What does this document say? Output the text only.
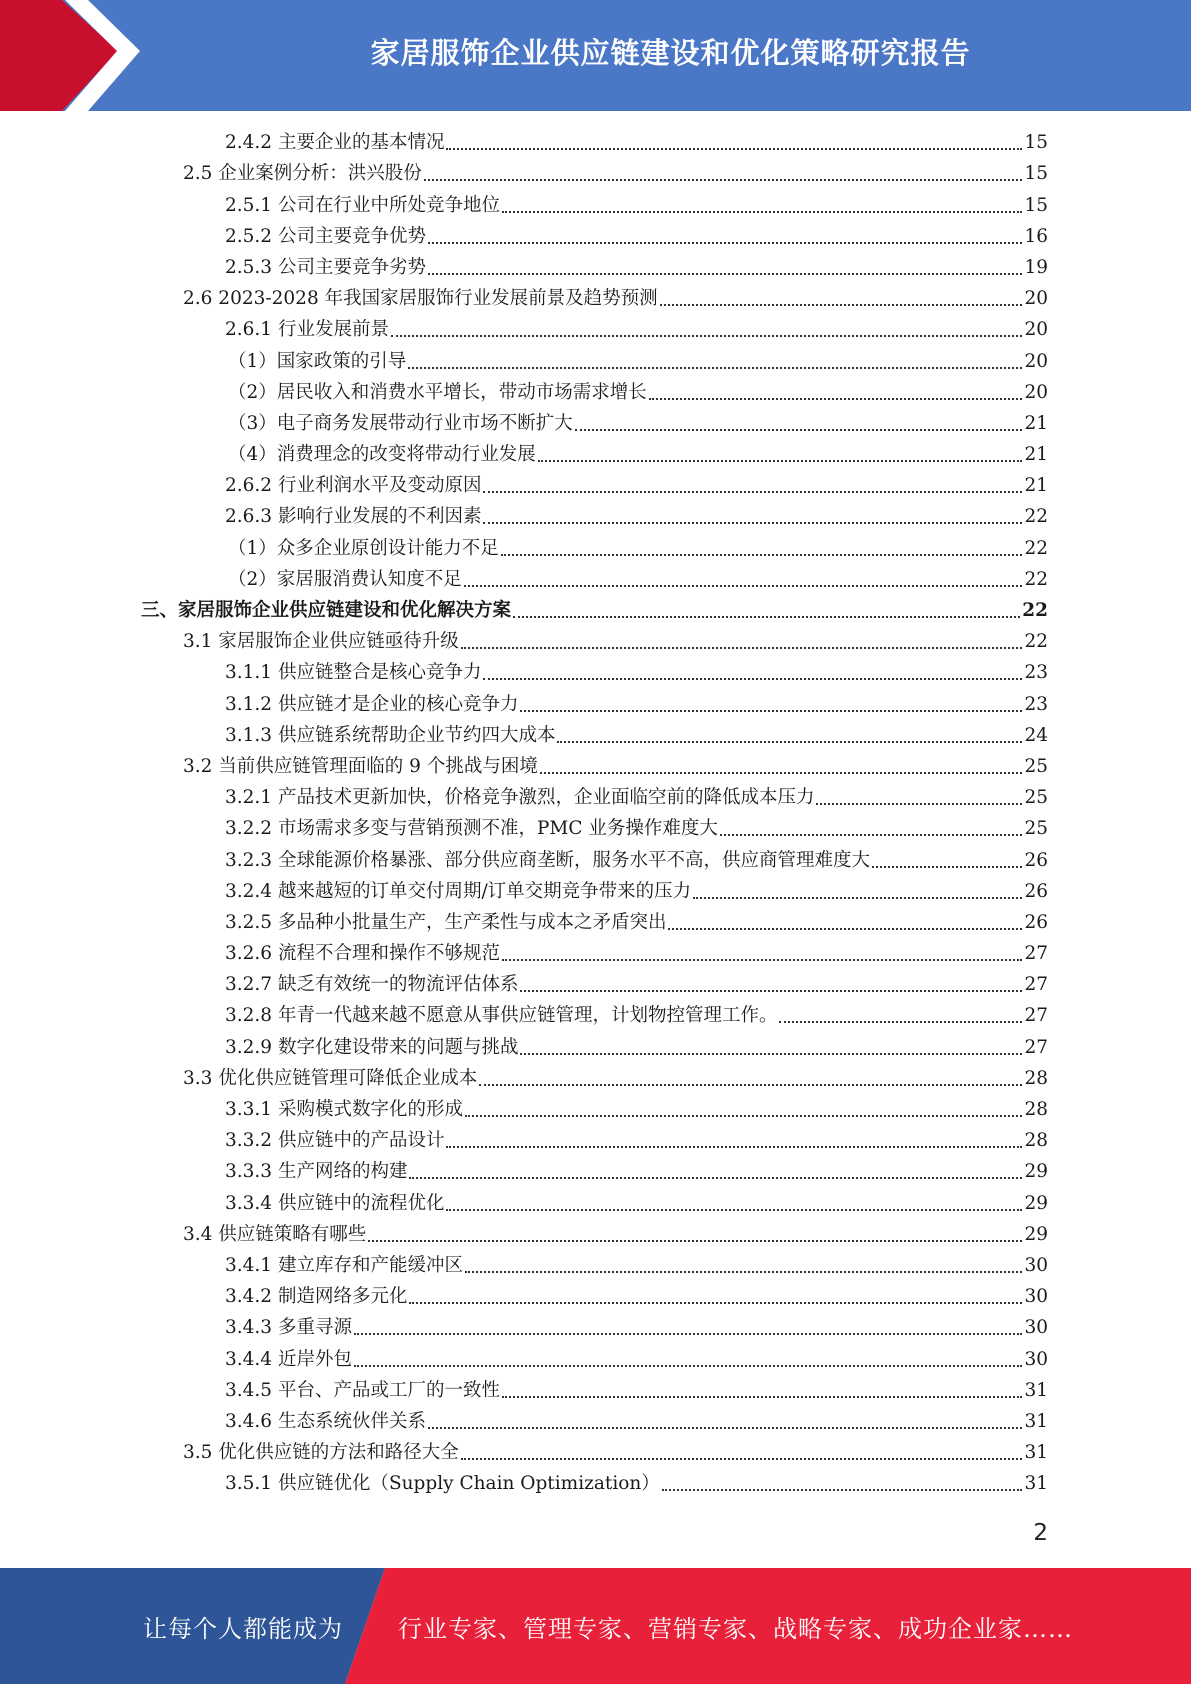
家居服饰企业供应链建设和优化策略研究报告
2.4.2 主要企业的基本情况	15
2.5 企业案例分析：洪兴股份	15
2.5.1 公司在行业中所处竞争地位	15
2.5.2 公司主要竞争优势	16
2.5.3 公司主要竞争劣势	19
2.6 2023-2028 年我国家居服饰行业发展前景及趋势预测	20
2.6.1 行业发展前景	20
（1）国家政策的引导	20
（2）居民收入和消费水平增长，带动市场需求增长	20
（3）电子商务发展带动行业市场不断扩大	21
（4）消费理念的改变将带动行业发展	21
2.6.2 行业利润水平及变动原因	21
2.6.3 影响行业发展的不利因素	22
（1）众多企业原创设计能力不足	22
（2）家居服消费认知度不足	22
三、家居服饰企业供应链建设和优化解决方案	22
3.1 家居服饰企业供应链亟待升级	22
3.1.1 供应链整合是核心竞争力	23
3.1.2 供应链才是企业的核心竞争力	23
3.1.3 供应链系统帮助企业节约四大成本	24
3.2 当前供应链管理面临的 9 个挑战与困境	25
3.2.1 产品技术更新加快，价格竞争激烈，企业面临空前的降低成本压力	25
3.2.2 市场需求多变与营销预测不准，PMC 业务操作难度大	25
3.2.3 全球能源价格暴涨、部分供应商垄断，服务水平不高，供应商管理难度大	26
3.2.4 越来越短的订单交付周期/订单交期竞争带来的压力	26
3.2.5 多品种小批量生产，生产柔性与成本之矛盾突出	26
3.2.6 流程不合理和操作不够规范	27
3.2.7 缺乏有效统一的物流评估体系	27
3.2.8 年青一代越来越不愿意从事供应链管理，计划物控管理工作。	27
3.2.9 数字化建设带来的问题与挑战	27
3.3 优化供应链管理可降低企业成本	28
3.3.1 采购模式数字化的形成	28
3.3.2 供应链中的产品设计	28
3.3.3 生产网络的构建	29
3.3.4 供应链中的流程优化	29
3.4 供应链策略有哪些	29
3.4.1 建立库存和产能缓冲区	30
3.4.2 制造网络多元化	30
3.4.3 多重寻源	30
3.4.4 近岸外包	30
3.4.5 平台、产品或工厂的一致性	31
3.4.6 生态系统伙伴关系	31
3.5 优化供应链的方法和路径大全	31
3.5.1 供应链优化（Supply Chain Optimization）	31
2
让每个人都能成为 行业专家、管理专家、营销专家、战略专家、成功企业家……
